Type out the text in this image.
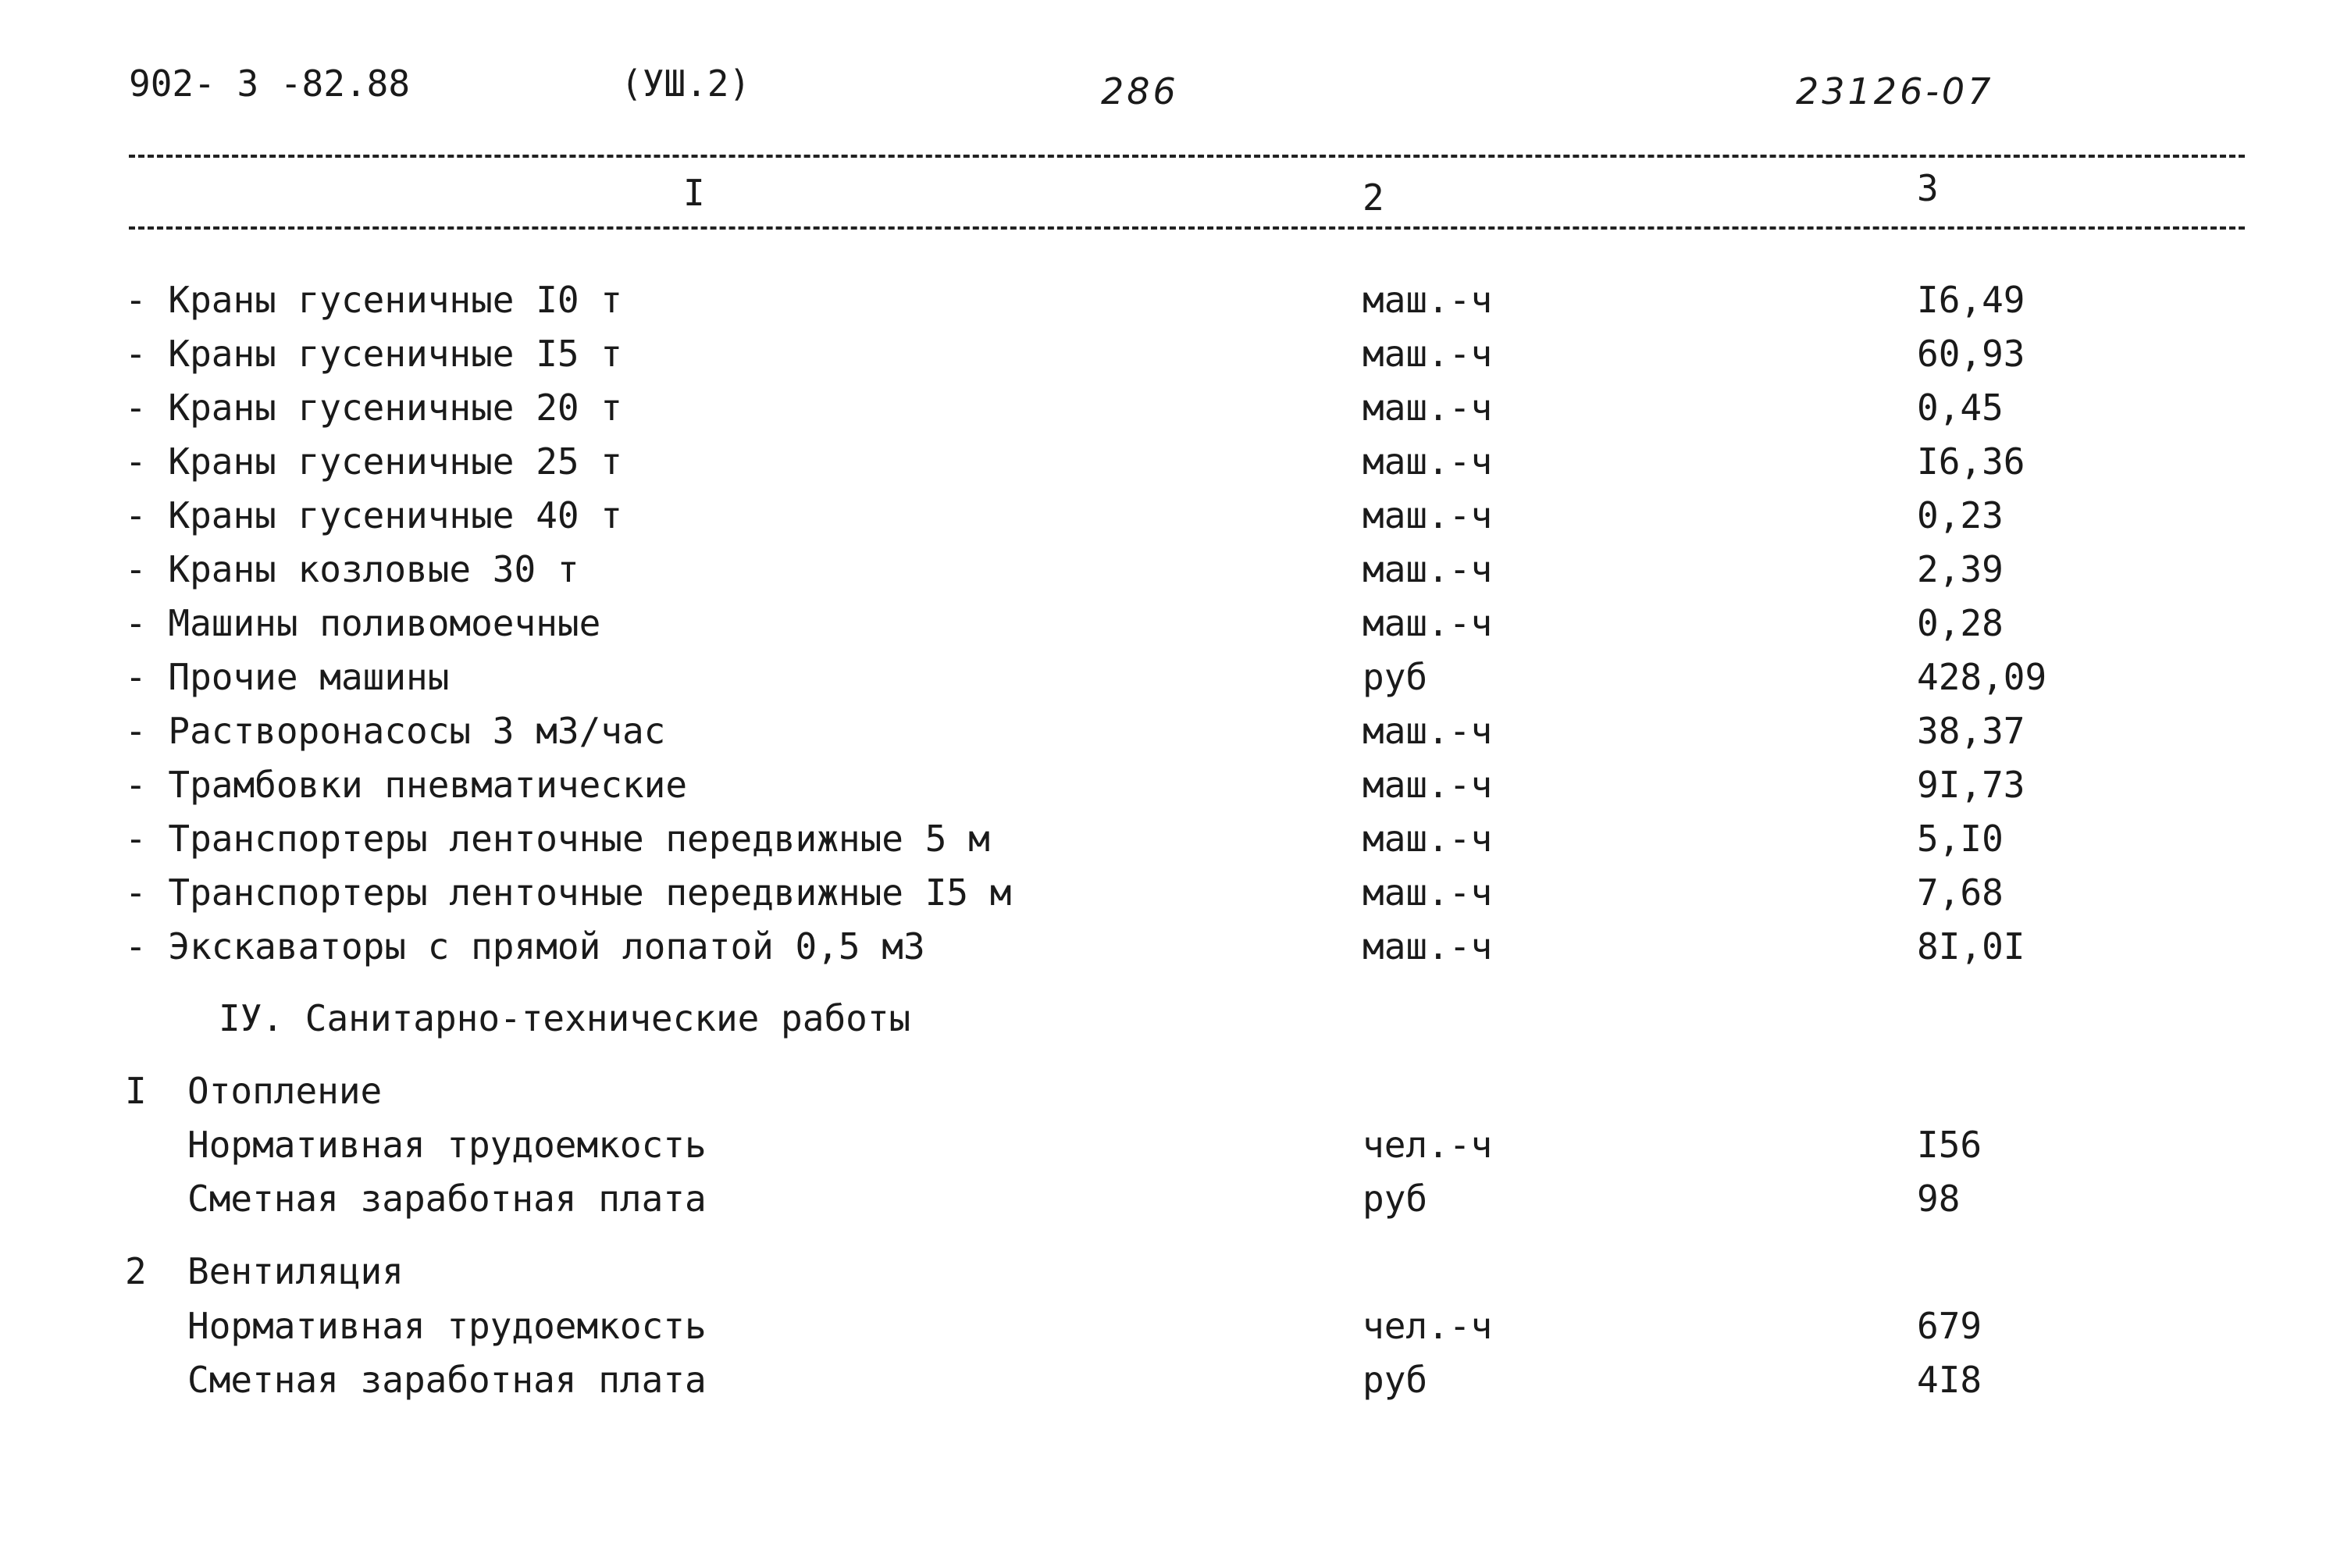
902- 3 -82.88	(УШ.2)	286	23126-07
I	2	3
- Краны гусеничные I0 т	маш.-ч	I6,49
- Краны гусеничные I5 т	маш.-ч	60,93
- Краны гусеничные 20 т	маш.-ч	0,45
- Краны гусеничные 25 т	маш.-ч	I6,36
- Краны гусеничные 40 т	маш.-ч	0,23
- Краны козловые 30 т	маш.-ч	2,39
- Машины поливомоечные	маш.-ч	0,28
- Прочие машины	руб	428,09
- Растворонасосы 3 м3/час	маш.-ч	38,37
- Трамбовки пневматические	маш.-ч	9I,73
- Транспортеры ленточные передвижные 5 м	маш.-ч	5,I0
- Транспортеры ленточные передвижные I5 м	маш.-ч	7,68
- Экскаваторы с прямой лопатой 0,5 м3	маш.-ч	8I,0I
IУ. Санитарно-технические работы
I Отопление
Нормативная трудоемкость	чел.-ч	I56
Сметная заработная плата	руб	98
2 Вентиляция
Нормативная трудоемкость	чел.-ч	679
Сметная заработная плата	руб	4I8
